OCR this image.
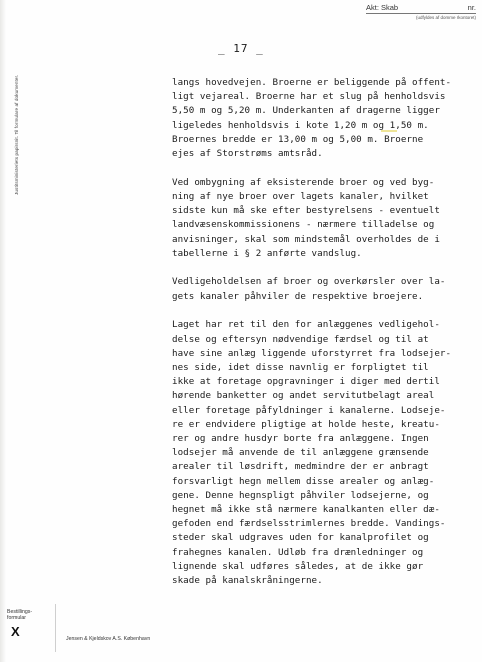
Akt: Skab	nr.
(udfyldes af domme rkontoret)
Justitsministeriets papirsnit. Til formulare af dokumenter.
_ 17 _
langs hovedvejen. Broerne er beliggende på offent-
ligt vejareal. Broerne har et slug på henholdsvis
5,50 m og 5,20 m. Underkanten af dragerne ligger
ligeledes henholdsvis i kote 1,20 m og 1,50 m.
Broernes bredde er 13,00 m og 5,00 m. Broerne
ejes af Storstrøms amtsråd.
Ved ombygning af eksisterende broer og ved byg-
ning af nye broer over lagets kanaler, hvilket
sidste kun må ske efter bestyrelsens - eventuelt
landvæsenskommissionens - nærmere tilladelse og
anvisninger, skal som mindstemål overholdes de i
tabellerne i § 2 anførte vandslug.
Vedligeholdelsen af broer og overkørsler over la-
gets kanaler påhviler de respektive broejere.
Laget har ret til den for anlæggenes vedligehol-
delse og eftersyn nødvendige færdsel og til at
have sine anlæg liggende uforstyrret fra lodsejer-
nes side, idet disse navnlig er forpligtet til
ikke at foretage opgravninger i diger med dertil
hørende banketter og andet servitutbelagt areal
eller foretage påfyldninger i kanalerne. Lodseje-
re er endvidere pligtige at holde heste, kreatu-
rer og andre husdyr borte fra anlæggene. Ingen
lodsejer må anvende de til anlæggene grænsende
arealer til løsdrift, medmindre der er anbragt
forsvarligt hegn mellem disse arealer og anlæg-
gene. Denne hegnspligt påhviler lodsejerne, og
hegnet må ikke stå nærmere kanalkanten eller dæ-
gefoden end færdselsstrimlernes bredde. Vandings-
steder skal udgraves uden for kanalprofilet og
frahegnes kanalen. Udløb fra drænledninger og
lignende skal udføres således, at de ikke gør
skade på kanalskråningerne.
Bestillings-
formular
X	Jensen & Kjeldskov A.S. København
